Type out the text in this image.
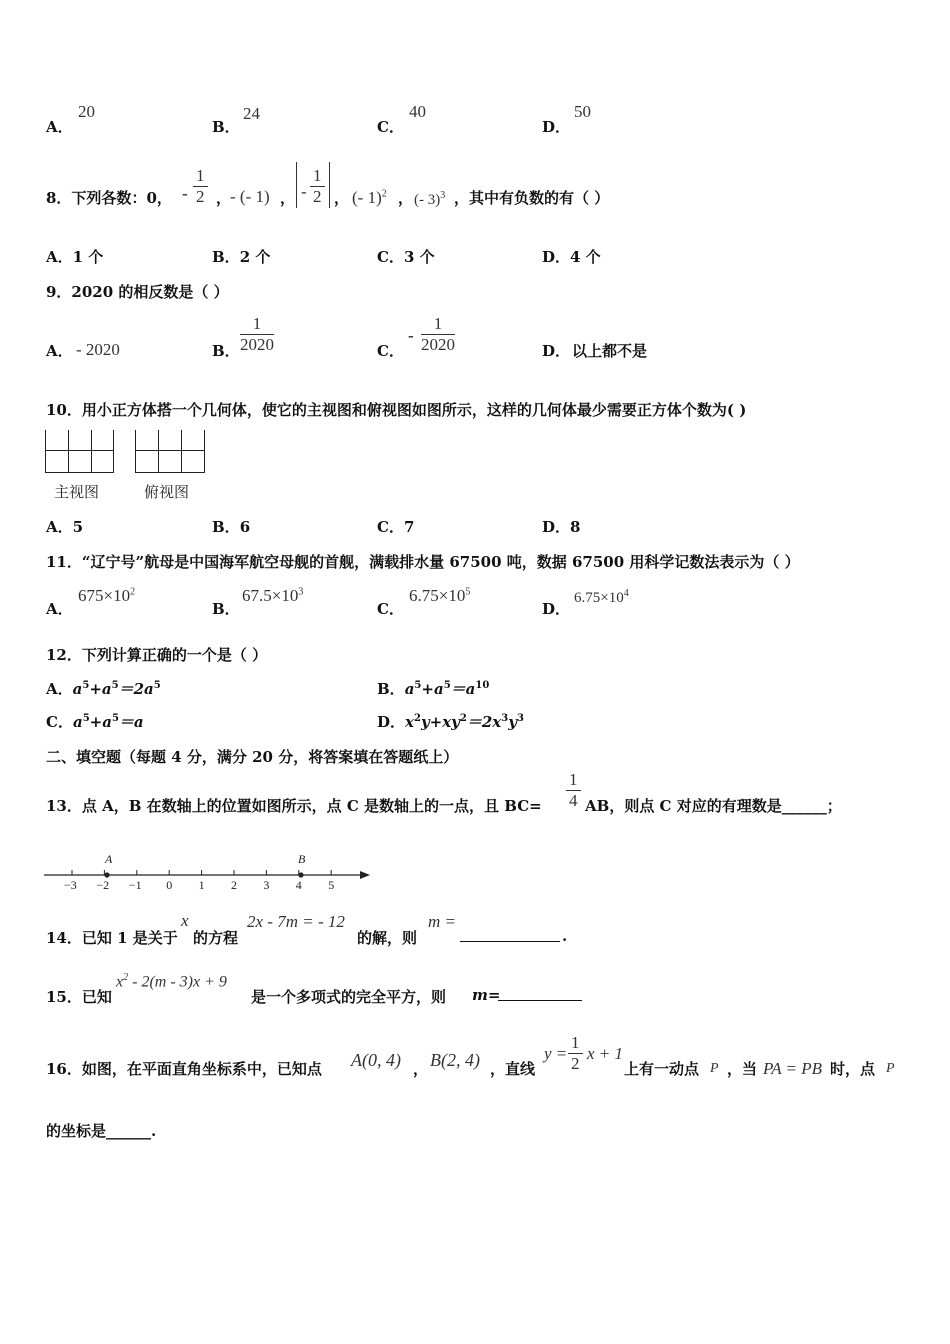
A．
20
B．
24
C．
40
D．
50
8．下列各数：0， - $\frac{1}{2}$ ，
- (- 1) ， - $\frac{1}{2}$ ， (- 1)$^2$ ， (- 3)$^3$ ，其中有负数的有（ ）
A．1 个	B．2 个	C．3 个	D．4 个
9．2020 的相反数是（ ）
A． - 2020	B． $\frac{1}{2020}$	C．
- $\frac{1}{2020}$	D． 以上都不是
10．用小正方体搭一个几何体，使它的主视图和俯视图如图所示，这样的几何体最少需要正方体个数为( )
主视图	俯视图
A．5	B．6	C．7	D．8
11．“辽宁号”航母是中国海军航空母舰的首舰，满载排水量 67500 吨，数据 67500 用科学记数法表示为（ ）
A．
$675\times 10^2$
B．
$67.5\times 10^3$
C．
$6.75\times 10^5$
D．
$6.75\times 10^4$
12．下列计算正确的一个是（ ）
A．$a^5+a^5=2a^5$	B．$a^5+a^5=a^{10}$
C．$a^5+a^5=a$	D．$x^2y+xy^2=2x^3y^3$
二、填空题（每题 4 分，满分 20 分，将答案填在答题纸上）
13．点 A，B 在数轴上的位置如图所示，点 C 是数轴上的一点，且 $BC= \frac{1}{4}$ AB，则点 C 对应的有理数是______；
−3 −2 −1 0 1 2 3 4 5
A	B
14．已知 1 是关于
x
的方程
2x - 7m = - 12
的解，则
m =
.
15．已知
$x^2 - 2(m - 3)x + 9$
是一个多项式的完全平方，则 m=
16．如图，在平面直角坐标系中，已知点 A(0, 4) ， B(2, 4) ，直线
$y = \frac{1}{2}$ x + 1
上有一动点 P ，当 PA = PB 时，点 P
的坐标是______.
